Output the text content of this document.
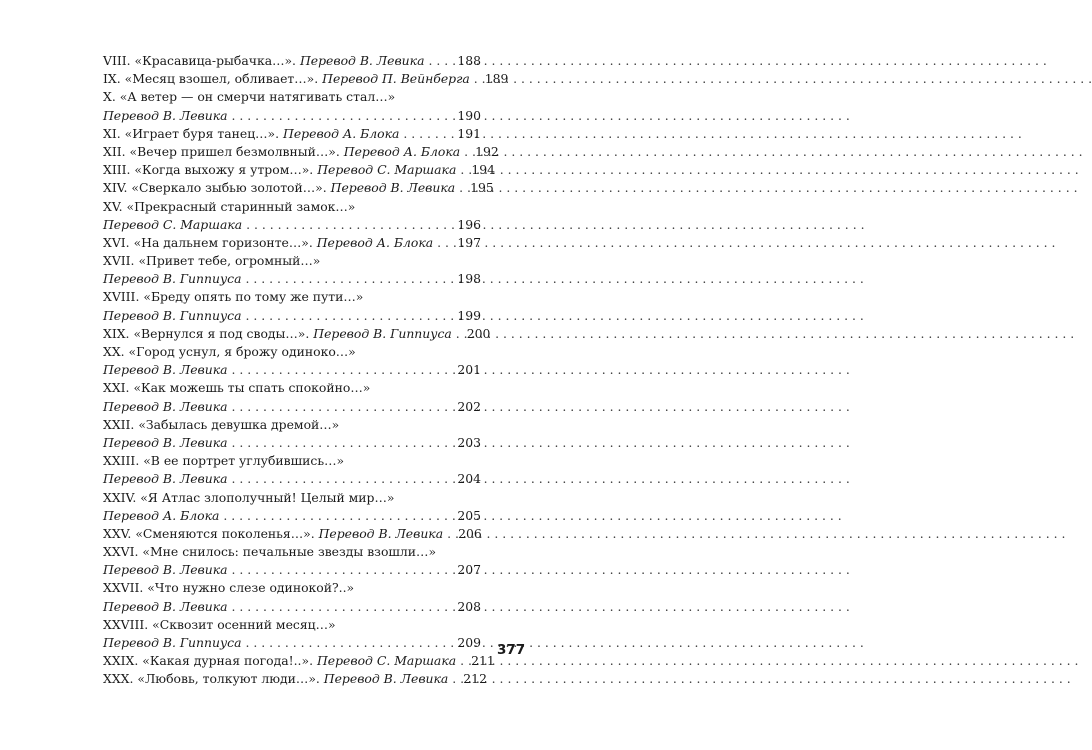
VIII. «Красавица-рыбачка…». Перевод В. Левика . . .	188
IX. «Месяц взошел, обливает…». Перевод П. Вейнберга . . . 189
X. «А ветер — он смерчи натягивать стал…»
Перевод В. Левика . . .	190
XI. «Играет буря танец…». Перевод А. Блока . . .	191
XII. «Вечер пришел безмолвный…». Перевод А. Блока . . . 192
XIII. «Когда выхожу я утром…». Перевод С. Маршака . . . 194
XIV. «Сверкало зыбью золотой…». Перевод В. Левика . . . 195
XV. «Прекрасный старинный замок…»
Перевод С. Маршака . . .	196
XVI. «На дальнем горизонте…». Перевод А. Блока . . . 197
XVII. «Привет тебе, огромный…»
Перевод В. Гиппиуса . . .	198
XVIII. «Бреду опять по тому же пути…»
Перевод В. Гиппиуса . . .	199
XIX. «Вернулся я под своды…». Перевод В. Гиппиуса . . . 200
XX. «Город уснул, я брожу одиноко…»
Перевод В. Левика . . .	201
XXI. «Как можешь ты спать спокойно…»
Перевод В. Левика . . .	202
XXII. «Забылась девушка дремой…»
Перевод В. Левика . . .	203
XXIII. «В ее портрет углубившись…»
Перевод В. Левика . . .	204
XXIV. «Я Атлас злополучный! Целый мир…»
Перевод А. Блока . . .	205
XXV. «Сменяются поколенья…». Перевод В. Левика . . . 206
XXVI. «Мне снилось: печальные звезды взошли…»
Перевод В. Левика . . .	207
XXVII. «Что нужно слезе одинокой?..»
Перевод В. Левика . . .	208
XXVIII. «Сквозит осенний месяц…»
Перевод В. Гиппиуса . . .	209
XXIX. «Какая дурная погода!..». Перевод С. Маршака . . . 211
XXX. «Любовь, толкуют люди…». Перевод В. Левика . . . 212
377
